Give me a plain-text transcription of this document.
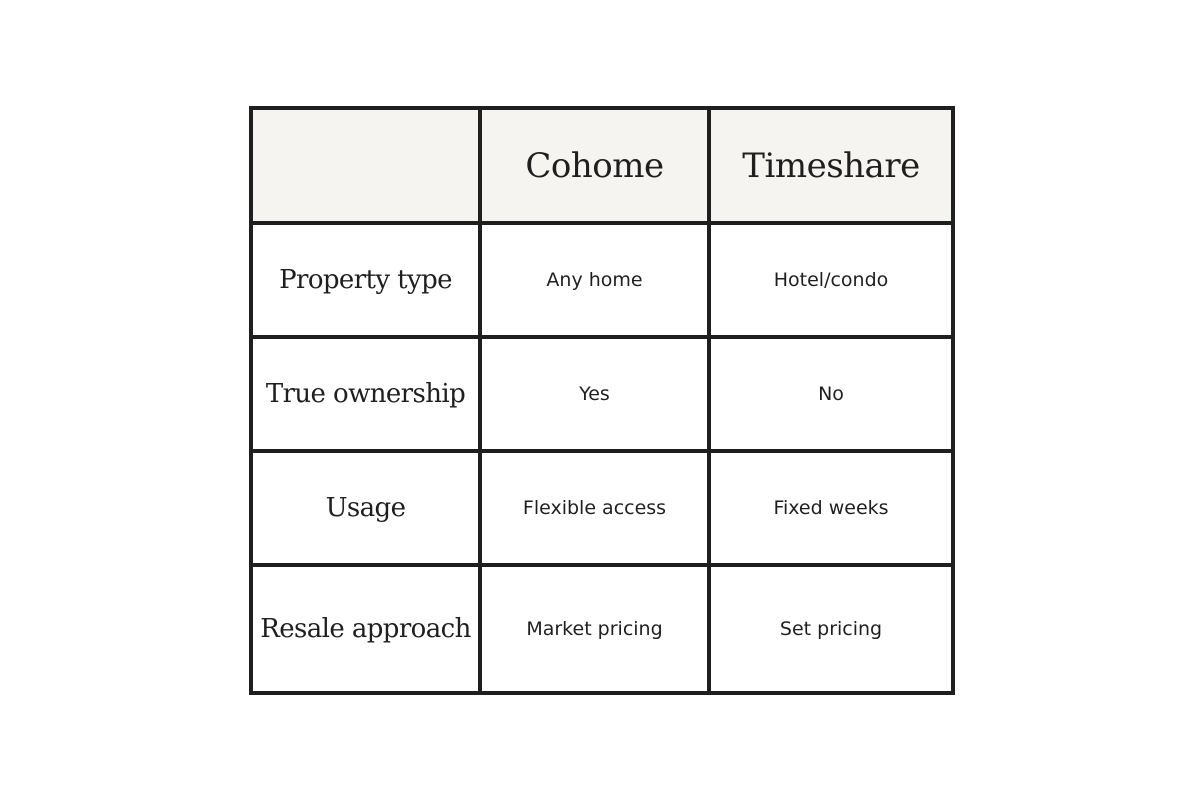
	Cohome	Timeshare
Property type	Any home	Hotel/condo
True ownership	Yes	No
Usage	Flexible access	Fixed weeks
Resale approach	Market pricing	Set pricing
